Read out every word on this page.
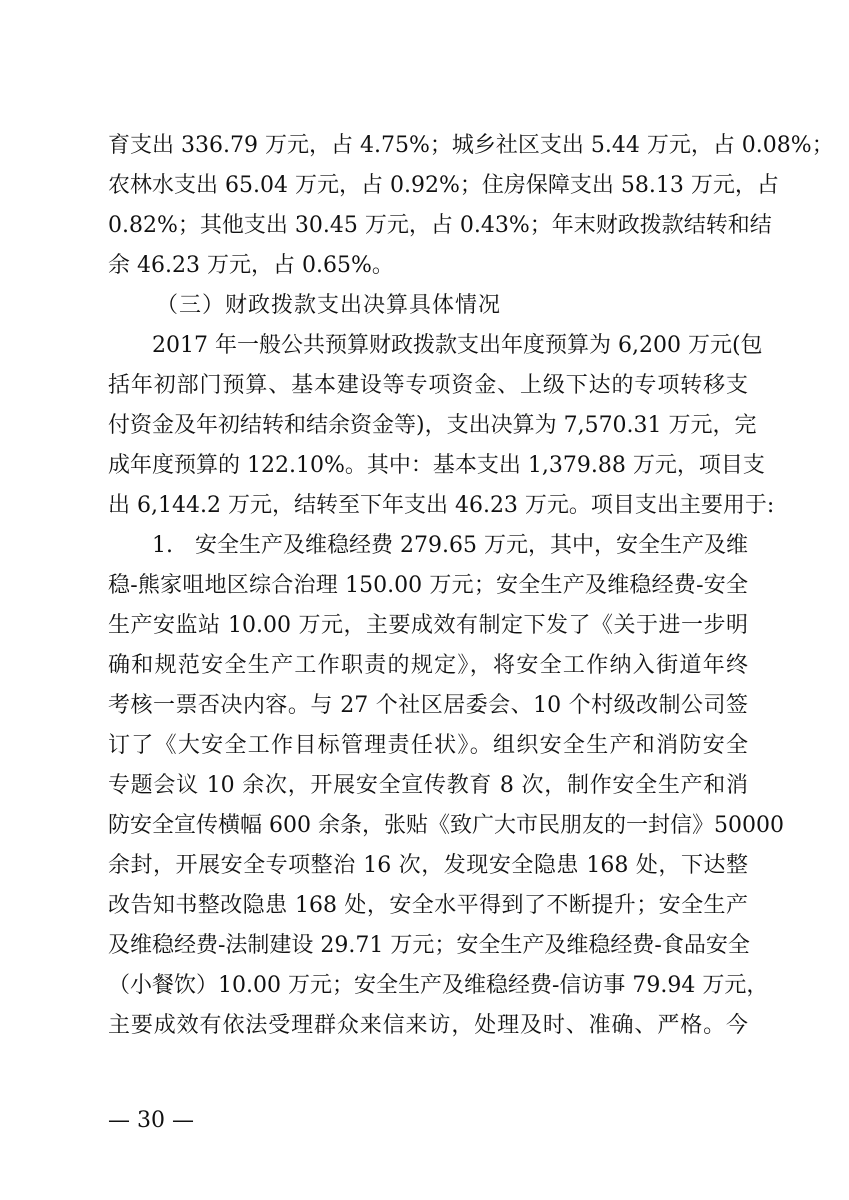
育支出 336.79 万元，占 4.75%；城乡社区支出 5.44 万元，占 0.08%；
农林水支出 65.04 万元，占 0.92%；住房保障支出 58.13 万元，占
0.82%；其他支出 30.45 万元，占 0.43%；年末财政拨款结转和结
余 46.23 万元，占 0.65%。
（三）财政拨款支出决算具体情况
2017 年一般公共预算财政拨款支出年度预算为 6,200 万元(包
括年初部门预算、基本建设等专项资金、上级下达的专项转移支
付资金及年初结转和结余资金等)，支出决算为 7,570.31 万元，完
成年度预算的 122.10%。其中：基本支出 1,379.88 万元，项目支
出 6,144.2 万元，结转至下年支出 46.23 万元。项目支出主要用于:
1.　安全生产及维稳经费 279.65 万元，其中，安全生产及维
稳-熊家咀地区综合治理 150.00 万元；安全生产及维稳经费-安全
生产安监站 10.00 万元，主要成效有制定下发了《关于进一步明
确和规范安全生产工作职责的规定》，将安全工作纳入街道年终
考核一票否决内容。与 27 个社区居委会、10 个村级改制公司签
订了《大安全工作目标管理责任状》。组织安全生产和消防安全
专题会议 10 余次，开展安全宣传教育 8 次，制作安全生产和消
防安全宣传横幅 600 余条，张贴《致广大市民朋友的一封信》50000
余封，开展安全专项整治 16 次，发现安全隐患 168 处，下达整
改告知书整改隐患 168 处，安全水平得到了不断提升；安全生产
及维稳经费-法制建设 29.71 万元；安全生产及维稳经费-食品安全
（小餐饮）10.00 万元；安全生产及维稳经费-信访事 79.94 万元，
主要成效有依法受理群众来信来访，处理及时、准确、严格。今
— 30 —
